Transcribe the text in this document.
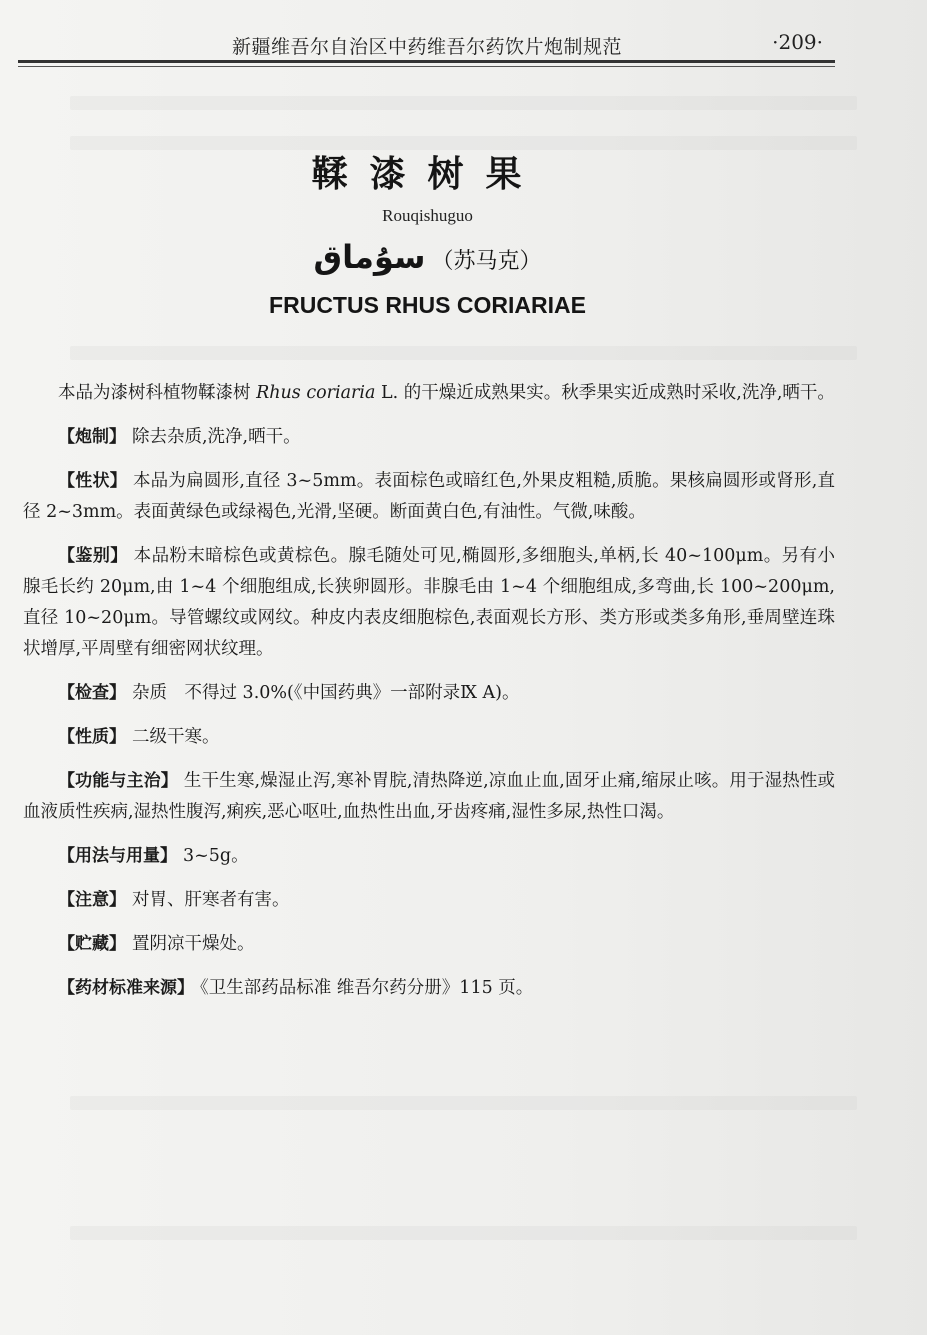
新疆维吾尔自治区中药维吾尔药饮片炮制规范	·209·
鞣漆树果
Rouqishuguo
سۇماق （苏马克）
FRUCTUS RHUS CORIARIAE

本品为漆树科植物鞣漆树 Rhus coriaria L. 的干燥近成熟果实。秋季果实近成熟时采收,洗净,晒干。

【炮制】 除去杂质,洗净,晒干。

【性状】 本品为扁圆形,直径 3~5mm。表面棕色或暗红色,外果皮粗糙,质脆。果核扁圆形或肾形,直径 2~3mm。表面黄绿色或绿褐色,光滑,坚硬。断面黄白色,有油性。气微,味酸。

【鉴别】 本品粉末暗棕色或黄棕色。腺毛随处可见,椭圆形,多细胞头,单柄,长 40~100μm。另有小腺毛长约 20μm,由 1~4 个细胞组成,长狭卵圆形。非腺毛由 1~4 个细胞组成,多弯曲,长 100~200μm,直径 10~20μm。导管螺纹或网纹。种皮内表皮细胞棕色,表面观长方形、类方形或类多角形,垂周壁连珠状增厚,平周壁有细密网状纹理。

【检查】 杂质　不得过 3.0%(《中国药典》一部附录Ⅸ A)。

【性质】 二级干寒。

【功能与主治】 生干生寒,燥湿止泻,寒补胃脘,清热降逆,凉血止血,固牙止痛,缩尿止咳。用于湿热性或血液质性疾病,湿热性腹泻,痢疾,恶心呕吐,血热性出血,牙齿疼痛,湿性多尿,热性口渴。

【用法与用量】 3~5g。

【注意】 对胃、肝寒者有害。

【贮藏】 置阴凉干燥处。

【药材标准来源】 《卫生部药品标准 维吾尔药分册》115 页。
